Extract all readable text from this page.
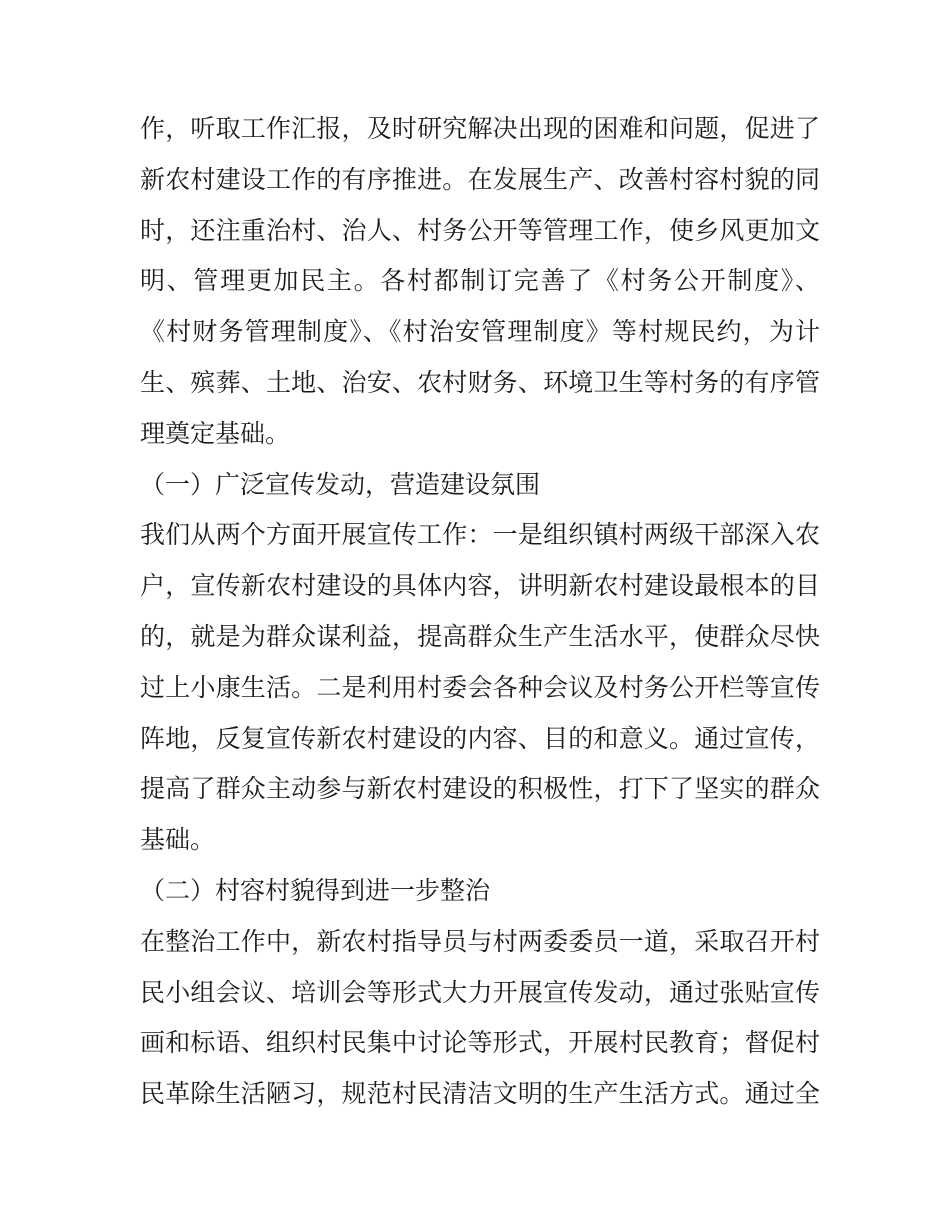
作，听取工作汇报，及时研究解决出现的困难和问题，促进了
新农村建设工作的有序推进。在发展生产、改善村容村貌的同
时，还注重治村、治人、村务公开等管理工作，使乡风更加文
明、管理更加民主。各村都制订完善了《村务公开制度》、
《村财务管理制度》、《村治安管理制度》等村规民约，为计
生、殡葬、土地、治安、农村财务、环境卫生等村务的有序管
理奠定基础。
（一）广泛宣传发动，营造建设氛围
我们从两个方面开展宣传工作：一是组织镇村两级干部深入农
户，宣传新农村建设的具体内容，讲明新农村建设最根本的目
的，就是为群众谋利益，提高群众生产生活水平，使群众尽快
过上小康生活。二是利用村委会各种会议及村务公开栏等宣传
阵地，反复宣传新农村建设的内容、目的和意义。通过宣传，
提高了群众主动参与新农村建设的积极性，打下了坚实的群众
基础。
（二）村容村貌得到进一步整治
在整治工作中，新农村指导员与村两委委员一道，采取召开村
民小组会议、培训会等形式大力开展宣传发动，通过张贴宣传
画和标语、组织村民集中讨论等形式，开展村民教育；督促村
民革除生活陋习，规范村民清洁文明的生产生活方式。通过全
